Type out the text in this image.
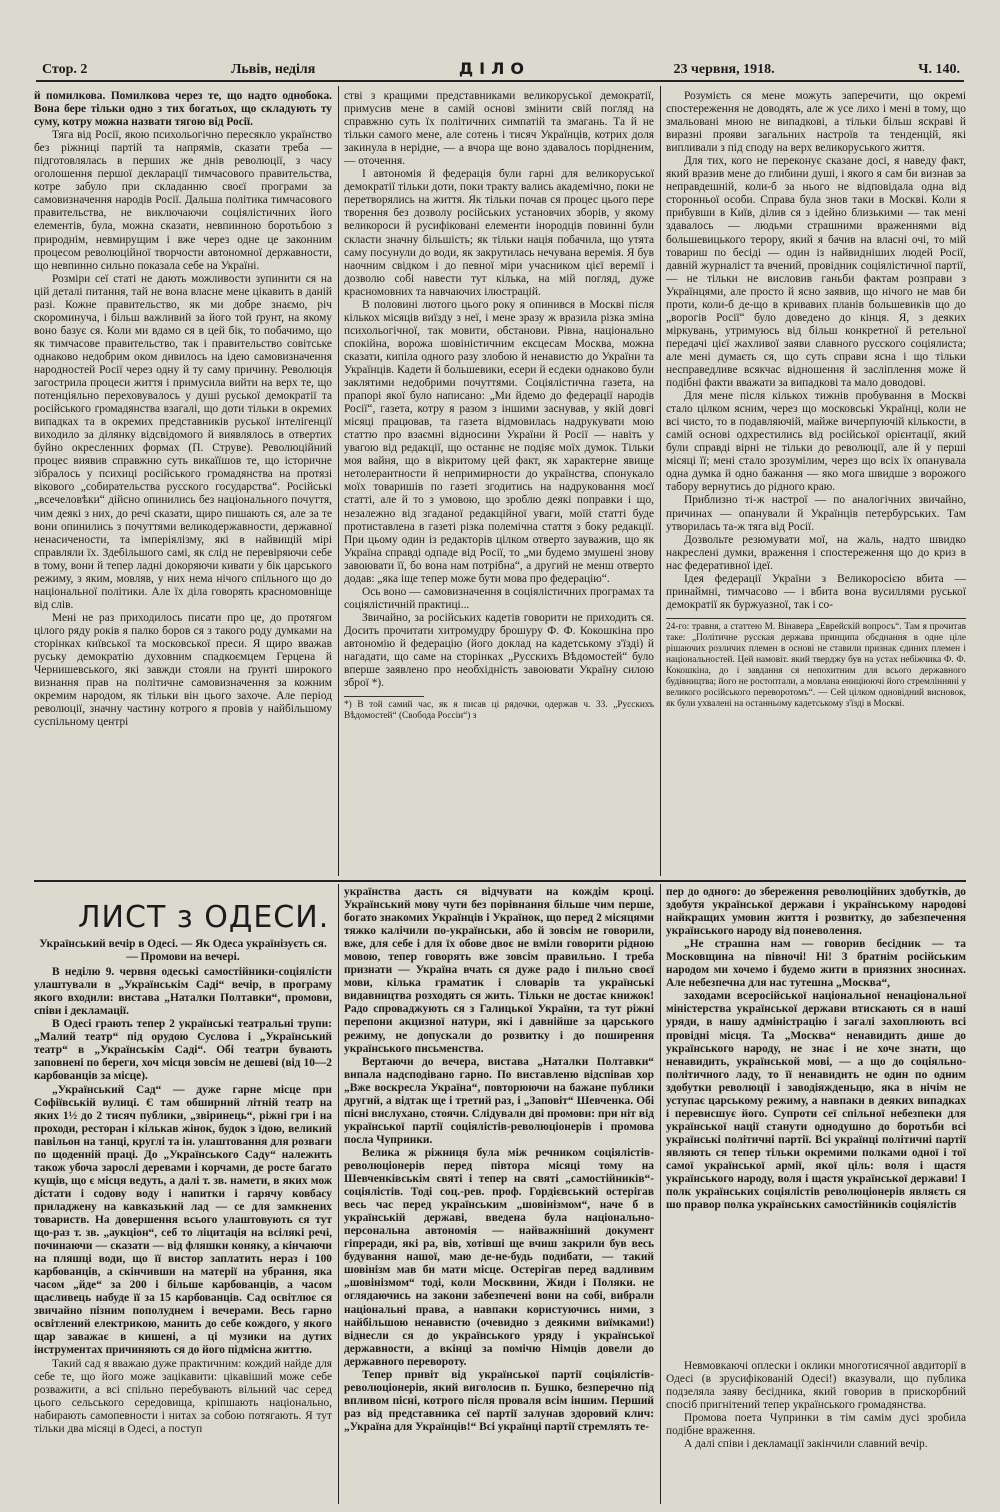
Стор. 2	Львів, неділя	ДІЛО	23 червня, 1918.	Ч. 140.

й помилкова. Помилкова через те, що надто однобока. Вона бере тільки одно з тих богатьох, що складують ту суму, котру можна назвати тягою від Росії.

Тяга від Росії, якою психольогічно пересякло українство без ріжниці партій та напрямів, сказати треба — підготовлялась в перших же днів революції, з часу оголошення першої декларації тимчасового правительства, котре забуло при складанню своєї програми за самовизначення народів Росії. Дальша політика тимчасового правительства, не виключаючи соціялістичних його елементів, була, можна сказати, невпинною боротьбою з природнім, невмирущим і вже через одне це законним процесом революційної творчости автономної державности, що невпинно сильно показала себе на Україні.

Розміри сеї статі не дають можливости зупинити ся на цій деталі питання, тай не вона власне мене цікавить в даній разі. Кожне правительство, як ми добре знаємо, річ скороминуча, і більш важливий за його той ґрунт, на якому воно базує ся. Коли ми вдамо ся в цей бік, то побачимо, що як тимчасове правительство, так і правительство совітське однаково недобрим оком дивилось на ідею самовизначення народностей Росії через одну й ту саму причину. Революція загострила процеси життя і примусила вийти на верх те, що потенціяльно переховувалось у душі руської демократії та російського громадянства взагалі, що доти тільки в окремих випадках та в окремих представників руської інтелігенції виходило за ділянку відсвідомого й виявлялось в отвертих буйно окресленних формах (П. Струве). Революційний процес виявив справжню суть викаїїшов те, що історичне зібралось у психиці російського громадянства на протязі вікового „собирательства русского государства“. Російські „всечеловѣки“ дійсно опинились без національного почуття, чим деякі з них, до речі сказати, щиро пишають ся, але за те вони опинились з почуттями великодержавности, державної ненасичености, та імперіялізму, які в найвищій мірі справляли їх. Здебільшого самі, як слід не перевіряючи себе в тому, вони й тепер ладні докоряючи кивати у бік царського режиму, з яким, мовляв, у них нема нічого спільного що до національної політики. Але їх діла говорять красномовніще від слів.

Мені не раз приходилось писати про це, до протягом цілого ряду років я палко боров ся з такого роду думками на сторінках київської та московської преси. Я щиро вважав руську демократію духовним спадкоємцем Герцена й Чернишевського, які завжди стояли на ґрунті широкого визнання прав на політичне самовизначення за кожним окремим народом, як тільки він цього захоче. Але період революції, значну частину котрого я провів у найбільшому суспільному центрі

стві з кращими представниками великоруської демократії, примусив мене в самій основі змінити свій погляд на справжню суть їх політичних симпатій та змагань. Та й не тільки самого мене, але сотень і тисяч Українців, котрих доля закинула в нерідне, — а вчора ще воно здавалось порідненим, — оточення.

І автономія й федерація були гарні для великоруської демократії тільки доти, поки тракту вались академічно, поки не перетворялись на життя. Як тільки почав ся процес цього пере творення без дозволу російських установчих зборів, у якому великороси й русифіковані елементи інородців повинні були скласти значну більшість; як тільки нація побачила, що утята саму посунули до води, як закрутилась нечувана веремія. Я був наочним свідком і до певної міри учасником цієї веремії і дозволю собі навести тут кілька, на мій погляд, дуже красномовних та навчаючих ілюстрацій.

В половині лютого цього року я опинився в Москві після кількох місяців виїзду з неї, і мене зразу ж вразила різка зміна психольогічної, так мовити, обстанови. Рівна, національно спокійна, ворожа шовіністичним ексцесам Москва, можна сказати, кипіла одного разу злобою й ненавистю до України та Українців. Кадети й большевики, есери й есдеки однаково були заклятими недобрими почуттями. Соціялістична газета, на прапорі якої було написано: „Ми йдемо до федерації народів Росії“, газета, котру я разом з іншими заснував, у якій довгі місяці працював, та газета відмовилась надрукувати мою статтю про взаємні відносини України й Росії — навіть у увагою від редакції, що останнє не подіяє моїх думок. Тільки моя вайня, що в вікритому цей факт, як характерне явище нетолерантности й непримирности до українства, спонукало моїх товаришів по газеті згодитись на надруковання моєї статті, але й то з умовою, що зроблю деякі поправки і що, незалежно від згаданої редакційної уваги, моїй статті буде протиставлена в газеті різка полемічна стаття з боку редакції. При цьому один із редакторів цілком отверто зауважив, що як Україна справді одпаде від Росії, то „ми будемо змушені знову завоювати її, бо вона нам потрібна“, а другий не менш отверто додав: „яка іще тепер може бути мова про федерацію“.

Ось воно — самовизначення в соціялістичних програмах та соціялістичній практиці...

Звичайно, за російських кадетів говорити не приходить ся. Досить прочитати хитромудру брошуру Ф. Ф. Кокошкіна про автономію й федерацію (його доклад на кадетському з'їзді) й нагадати, що саме на сторінках „Русскихъ Вѣдомостей“ було вперше заявлено про необхідність завоювати Україну силою зброї *).

*) В той самий час, як я писав ці рядочки, одержав ч. 33. „Русскихъ Вѣдомостей“ (Свобода Россіи“) з

Розумієть ся мене можуть заперечити, що окремі спостереження не доводять, але ж усе лихо і мені в тому, що змальовані мною не випадкові, а тільки більш яскраві й виразні прояви загальних настроїв та тенденцій, які випливали з під споду на верх великоруського життя.

Для тих, кого не переконує сказане досі, я наведу факт, який вразив мене до глибини душі, і якого я сам би визнав за неправдешній, коли-б за нього не відповідала одна від сторонньої особи. Справа була знов таки в Москві. Коли я прибувши в Київ, ділив ся з ідейно близькими — так мені здавалось — людьми страшними враженнями від большевицького терору, який я бачив на власні очі, то мій товариш по бесіді — один із найвидніших людей Росії, давній журналіст та вчений, провідник соціялістичної партії, — не тільки не висловив ганьби фактам розправи з Українцями, але просто й ясно заявив, що нічого не мав би проти, коли-б де-що в кривавих планів большевиків що до „ворогів Росії“ було доведено до кінця. Я, з деяких міркувань, утримуюсь від більш конкретної й ретельної передачі цієї жахливої заяви славного русского соціялиста; але мені думаєть ся, що суть справи ясна і що тільки несправедливе всякчас відношення й засліплення може й подібні факти вважати за випадкові та мало доводові.

Для мене після кількох тижнів пробування в Москві стало цілком ясним, через що московські Українці, коли не всі чисто, то в подавляючій, майже вичерпуючій кількости, в самій основі одхрестились від російської орієнтації, який були справді вірні не тільки до революції, але й у перші місяці її; мені стало зрозумілим, через що всіх їх опанувала одна думка й одно бажання — яко мога швидше з ворожого табору вернутись до рідного краю.

Приблизно ті-ж настрої — по аналогічних звичайно, причинах — опанували й Українців петербурських. Там утворилась та-ж тяга від Росії.

Дозвольте резюмувати мої, на жаль, надто швидко накреслені думки, враження і спостереження що до криз в нас федеративної ідеї.

Ідея федерації України з Великоросією вбита — принаймні, тимчасово — і вбита вона вусиллями руської демократії як буржуазної, так і со-

24-го: травня, а статтею М. Вінавера „Еврейскій вопросъ“. Там я прочитав таке: „Політичне русская держава принципа обєднання в одне ціле рішаючих розличих племен в основі не ставили признак єдиних племен і національностей. Цей намовіт. який тверджу був на устах небіжчика Ф. Ф. Кокошкіна, до і завдання ся непохитним для всього державного будівництва; його не ростоптали, а мовлана ениціюючі його стремлінняні у великого російського переворотомъ“. — Сей цілком одновідний висновок, як були ухвалені на останньому кадетському з'їзді в Москві.

ЛИСТ з ОДЕСИ.
Український вечір в Одесі. — Як Одеса українізуєть ся. — Промови на вечері.

В неділю 9. червня одеські самостійники-соціялісти улаштували в „Українськім Саді“ вечір, в програму якого входили: вистава „Наталки Полтавки“, промови, співи і декламації.

В Одесі грають тепер 2 українські театральні трупи: „Малий театр“ під орудою Суслова і „Український театр“ в „Українськім Саді“. Обі театри бувають заповнені по береги, хоч місця зовсім не дешеві (від 10—2 карбованців за місце).

„Український Сад“ — дуже гарне місце при Софіївській вулиці. Є там обширний літній театр на яких 1½ до 2 тисяч публики, „звіринець“, ріжні гри і на проходи, ресторан і кількав жінок, будок з їдою, великий павільон на танці, круглі та ін. улаштовання для розваги по щоденній праці. До „Українського Саду“ належить також убоча зарослі деревами і корчами, де росте багато кущів, що є місця ведуть, а далі т. зв. намети, в яких мож дістати і содову воду і напитки і гарячу ковбасу приладжену на кавказький лад — се для замкнених товариств. На довершення всього улаштовують ся тут що-раз т. зв. „аукціон“, себ то ліцитація на всілякі речі, починаючи — сказати — від фляшки коняку, а кінчаючи на пляшці води, що її вистор заплатить нераз і 100 карбованців, а скінчивши на матерії на убрання, яка часом „йде“ за 200 і більше карбованців, а часом щасливець набуде її за 15 карбованців. Сад освітлює ся звичайно пізним пополуднем і вечерами. Весь гарно освітлений електрикою, манить до себе кождого, у якого щар заважає в кишені, а ці музики на дутих інструментах причиняють ся до його підмісна життю.

Такий сад я вважаю дуже практичним: кождий найде для себе те, що його може зацікавити: цікавіший може себе розважити, а всі спільно перебувають вільний час серед цього сельського середовища, кріпшають національно, набирають самопевности і нитах за собою потягають. Я тут тільки два місяці в Одесі, а поступ

українства дасть ся відчувати на кождім кроці. Український мову чути без порівнання більше чим перше, богато знакомих Українців і Українок, що перед 2 місяцями тяжко калічили по-українськи, або й зовсім не говорили, вже, для себе і для їх обове двоє не вміли говорити рідною мовою, тепер говорять вже зовсім правильно. І треба признати — Україна вчать ся дуже радо і пильно своєї мови, кілька граматик і словарів та українські видавництва розходять ся жить. Тільки не достає книжок! Радо спроваджують ся з Галицької України, та тут ріжні перепони акцизної натури, які і давнійше за царського режиму, не допускали до розвитку і до поширення українського письменства.

Вертаючи до вечера, вистава „Наталки Полтавки“ випала надсподівано гарно. По виставленю відспівав хор „Вже воскресла Україна“, повторюючи на бажане публики другий, а відтак ще і третий раз, і „Заповіт“ Шевченка. Обі пісні вислухано, стоячи. Слідували дві промови: при ніт від української партії соціялістів-революціонерів і промова посла Чупринки.

Велика ж ріжниця була між речником соціялістів-революціонерів перед півтора місяці тому на Шевченківськім святі і тепер на святі „самостійників“-соціялістів. Тоді соц.-рев. проф. Гордієвський остерігав весь час перед українським „шовінізмом“, наче б в українській державі, введена була національно-персональна автономія — найважніший документ гіпреради, які ра, вів, хотівші ще вчиш закрили був весь будування нашої, маю де-не-будь подибати, — такий шовінізм мав би мати місце. Остерігав перед вадливим „шовінізмом“ тоді, коли Москвини, Жиди і Поляки. не оглядаючись на закони забезпечені вони на собі, вибрали національні права, а навпаки користуючись ними, з найбільшою ненавистю (очевидно з деякими виїмками!) віднесли ся до українського уряду і української державности, а вкінці за помічю Німців довели до державного перевороту.

Тепер привіт від української партії соціялістів-революціонерів, який виголосив п. Бушко, безперечно під впливом пісні, котрого після проваля всім іншим. Перший раз від представника сеї партії залунав здоровий клич: „Україна для Українців!“ Всі українці партії стремлять те-

пер до одного: до збереження революційних здобутків, до здобутя української держави і українському народові найкращих умовин життя і розвитку, до забезпечення українського народу від поневолення.

„Не страшна нам — говорив бесідник — та Московщина на півночі! Ні! З братнім російським народом ми хочемо і будемо жити в приязних зносинах. Але небезпечна для нас тутешна „Москва“,

заходами всеросійської національної ненаціональної міністерства української держави втискають ся в наші уряди, в нашу адміністрацію і загалі захоплюють всі провідні місця. Та „Москва“ ненавидить дише до українського народу, не знає і не хоче знати, що ненавидить, українськой мові, — а що до соціяльно-політичного ладу, то її ненавидить не один по одним здобутки революції і заводіяжденьцю, яка в нічім не уступає царському режиму, а навпаки в деяких випадках і перевисшує його. Супроти сеї спільної небезпеки для української нації станути однодушно до боротьби всі українські політичні партії. Всі українці політичні партії являють ся тепер тільки окремими полками одної і тої самої української армії, якої ціль: воля і щастя українського народу, воля і щастя української держави! І полк українських соціялістів революціонерів являєть ся шо правор полка українських самостійників соціялістів

Невмовкаючі оплески і оклики многотисячної авдиторії в Одесі (в зрусифікованій Одесі!) вказували, що публика подзеляла заяву бесідника, який говорив в прискорбний спосіб пригнітений тепер українського громадянства.

Промова поета Чупринки в тім самім дусі зробила подібне враження.

А далі співи і декламації закінчили славний вечір.
